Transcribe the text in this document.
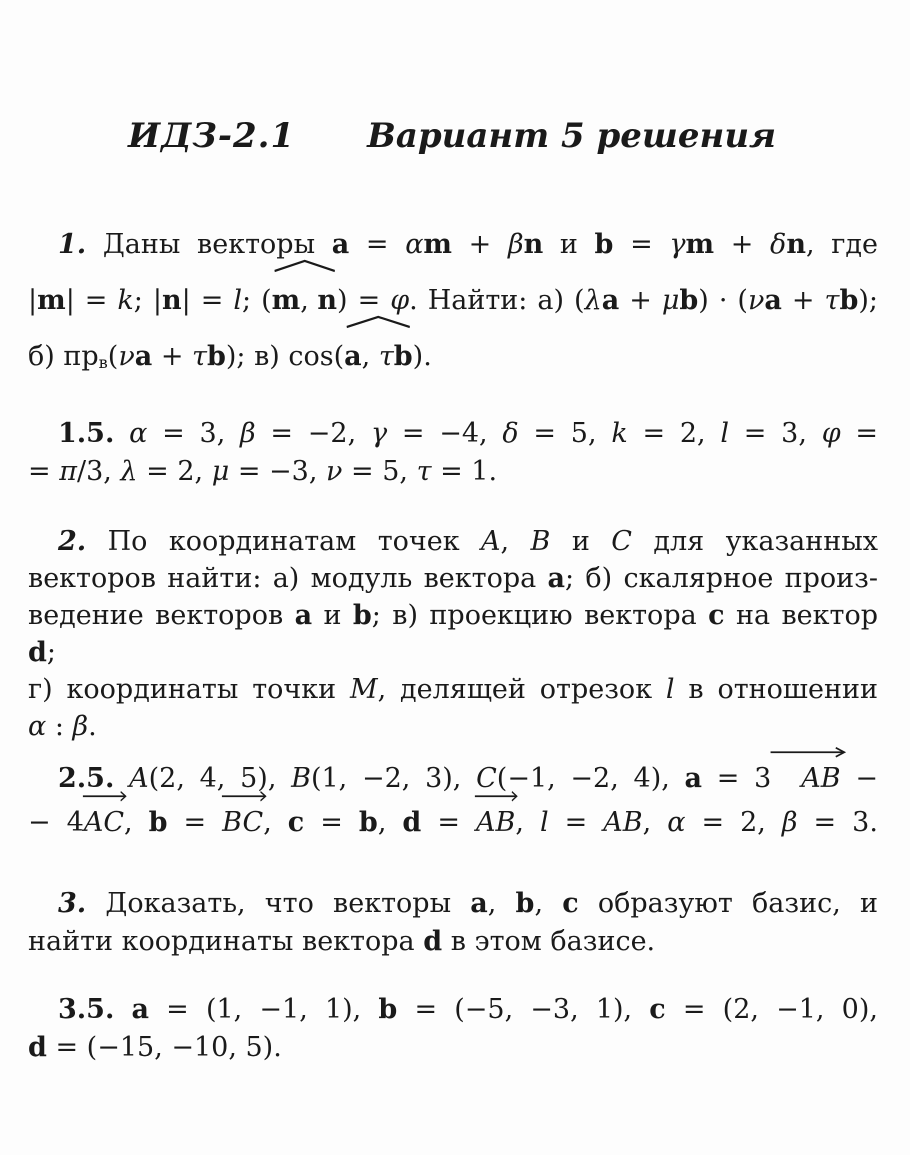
ИДЗ-2.1 Вариант 5 решения
1. Даны векторы a = αm + βn и b = γm + δn, где
|m| = k; |n| = l; (
m, n) = φ. Найти: а) (λa + μb) · (νa + τb);
б) прв(νa + τb); в) cos(
a, τb).
1.5. α = 3, β = −2, γ = −4, δ = 5, k = 2, l = 3, φ =
= π/3, λ = 2, μ = −3, ν = 5, τ = 1.
2. По координатам точек A, B и C для указанных
векторов найти: а) модуль вектора a; б) скалярное произ-
ведение векторов a и b; в) проекцию вектора c на вектор d;
г) координаты точки M, делящей отрезок l в отношении
α : β.
2.5. A(2, 4, 5), B(1, −2, 3), C(−1, −2, 4), a = 3 AB −
− 4
AC, b =
BC, c = b, d =
AB, l = AB, α = 2, β = 3.
3. Доказать, что векторы a, b, c образуют базис, и
найти координаты вектора d в этом базисе.
3.5. a = (1, −1, 1), b = (−5, −3, 1), c = (2, −1, 0),
d = (−15, −10, 5).
